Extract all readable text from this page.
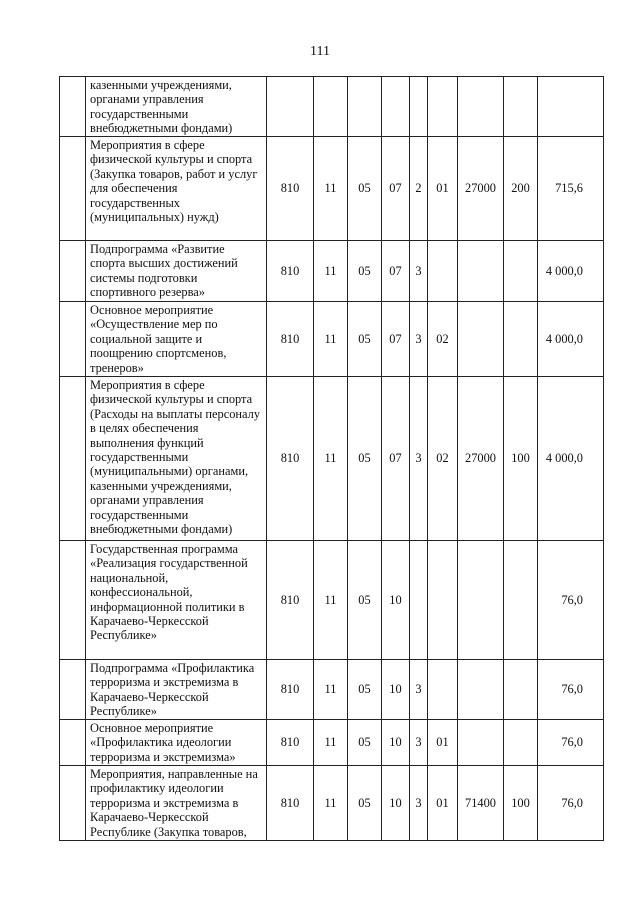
111
	казенными учреждениями, органами управления государственными внебюджетными фондами)									
	Мероприятия в сфере физической культуры и спорта (Закупка товаров, работ и услуг для обеспечения государственных (муниципальных) нужд)	810	11	05	07	2	01	27000	200	715,6
	Подпрограмма «Развитие спорта высших достижений системы подготовки спортивного резерва»	810	11	05	07	3				4 000,0
	Основное мероприятие «Осуществление мер по социальной защите и поощрению спортсменов, тренеров»	810	11	05	07	3	02			4 000,0
	Мероприятия в сфере физической культуры и спорта (Расходы на выплаты персоналу в целях обеспечения выполнения функций государственными (муниципальными) органами, казенными учреждениями, органами управления государственными внебюджетными фондами)	810	11	05	07	3	02	27000	100	4 000,0
	Государственная программа «Реализация государственной национальной, конфессиональной, информационной политики в Карачаево-Черкесской Республике»	810	11	05	10					76,0
	Подпрограмма «Профилактика терроризма и экстремизма в Карачаево-Черкесской Республике»	810	11	05	10	3				76,0
	Основное мероприятие «Профилактика идеологии терроризма и экстремизма»	810	11	05	10	3	01			76,0
	Мероприятия, направленные на профилактику идеологии терроризма и экстремизма в Карачаево-Черкесской Республике (Закупка товаров,	810	11	05	10	3	01	71400	100	76,0
